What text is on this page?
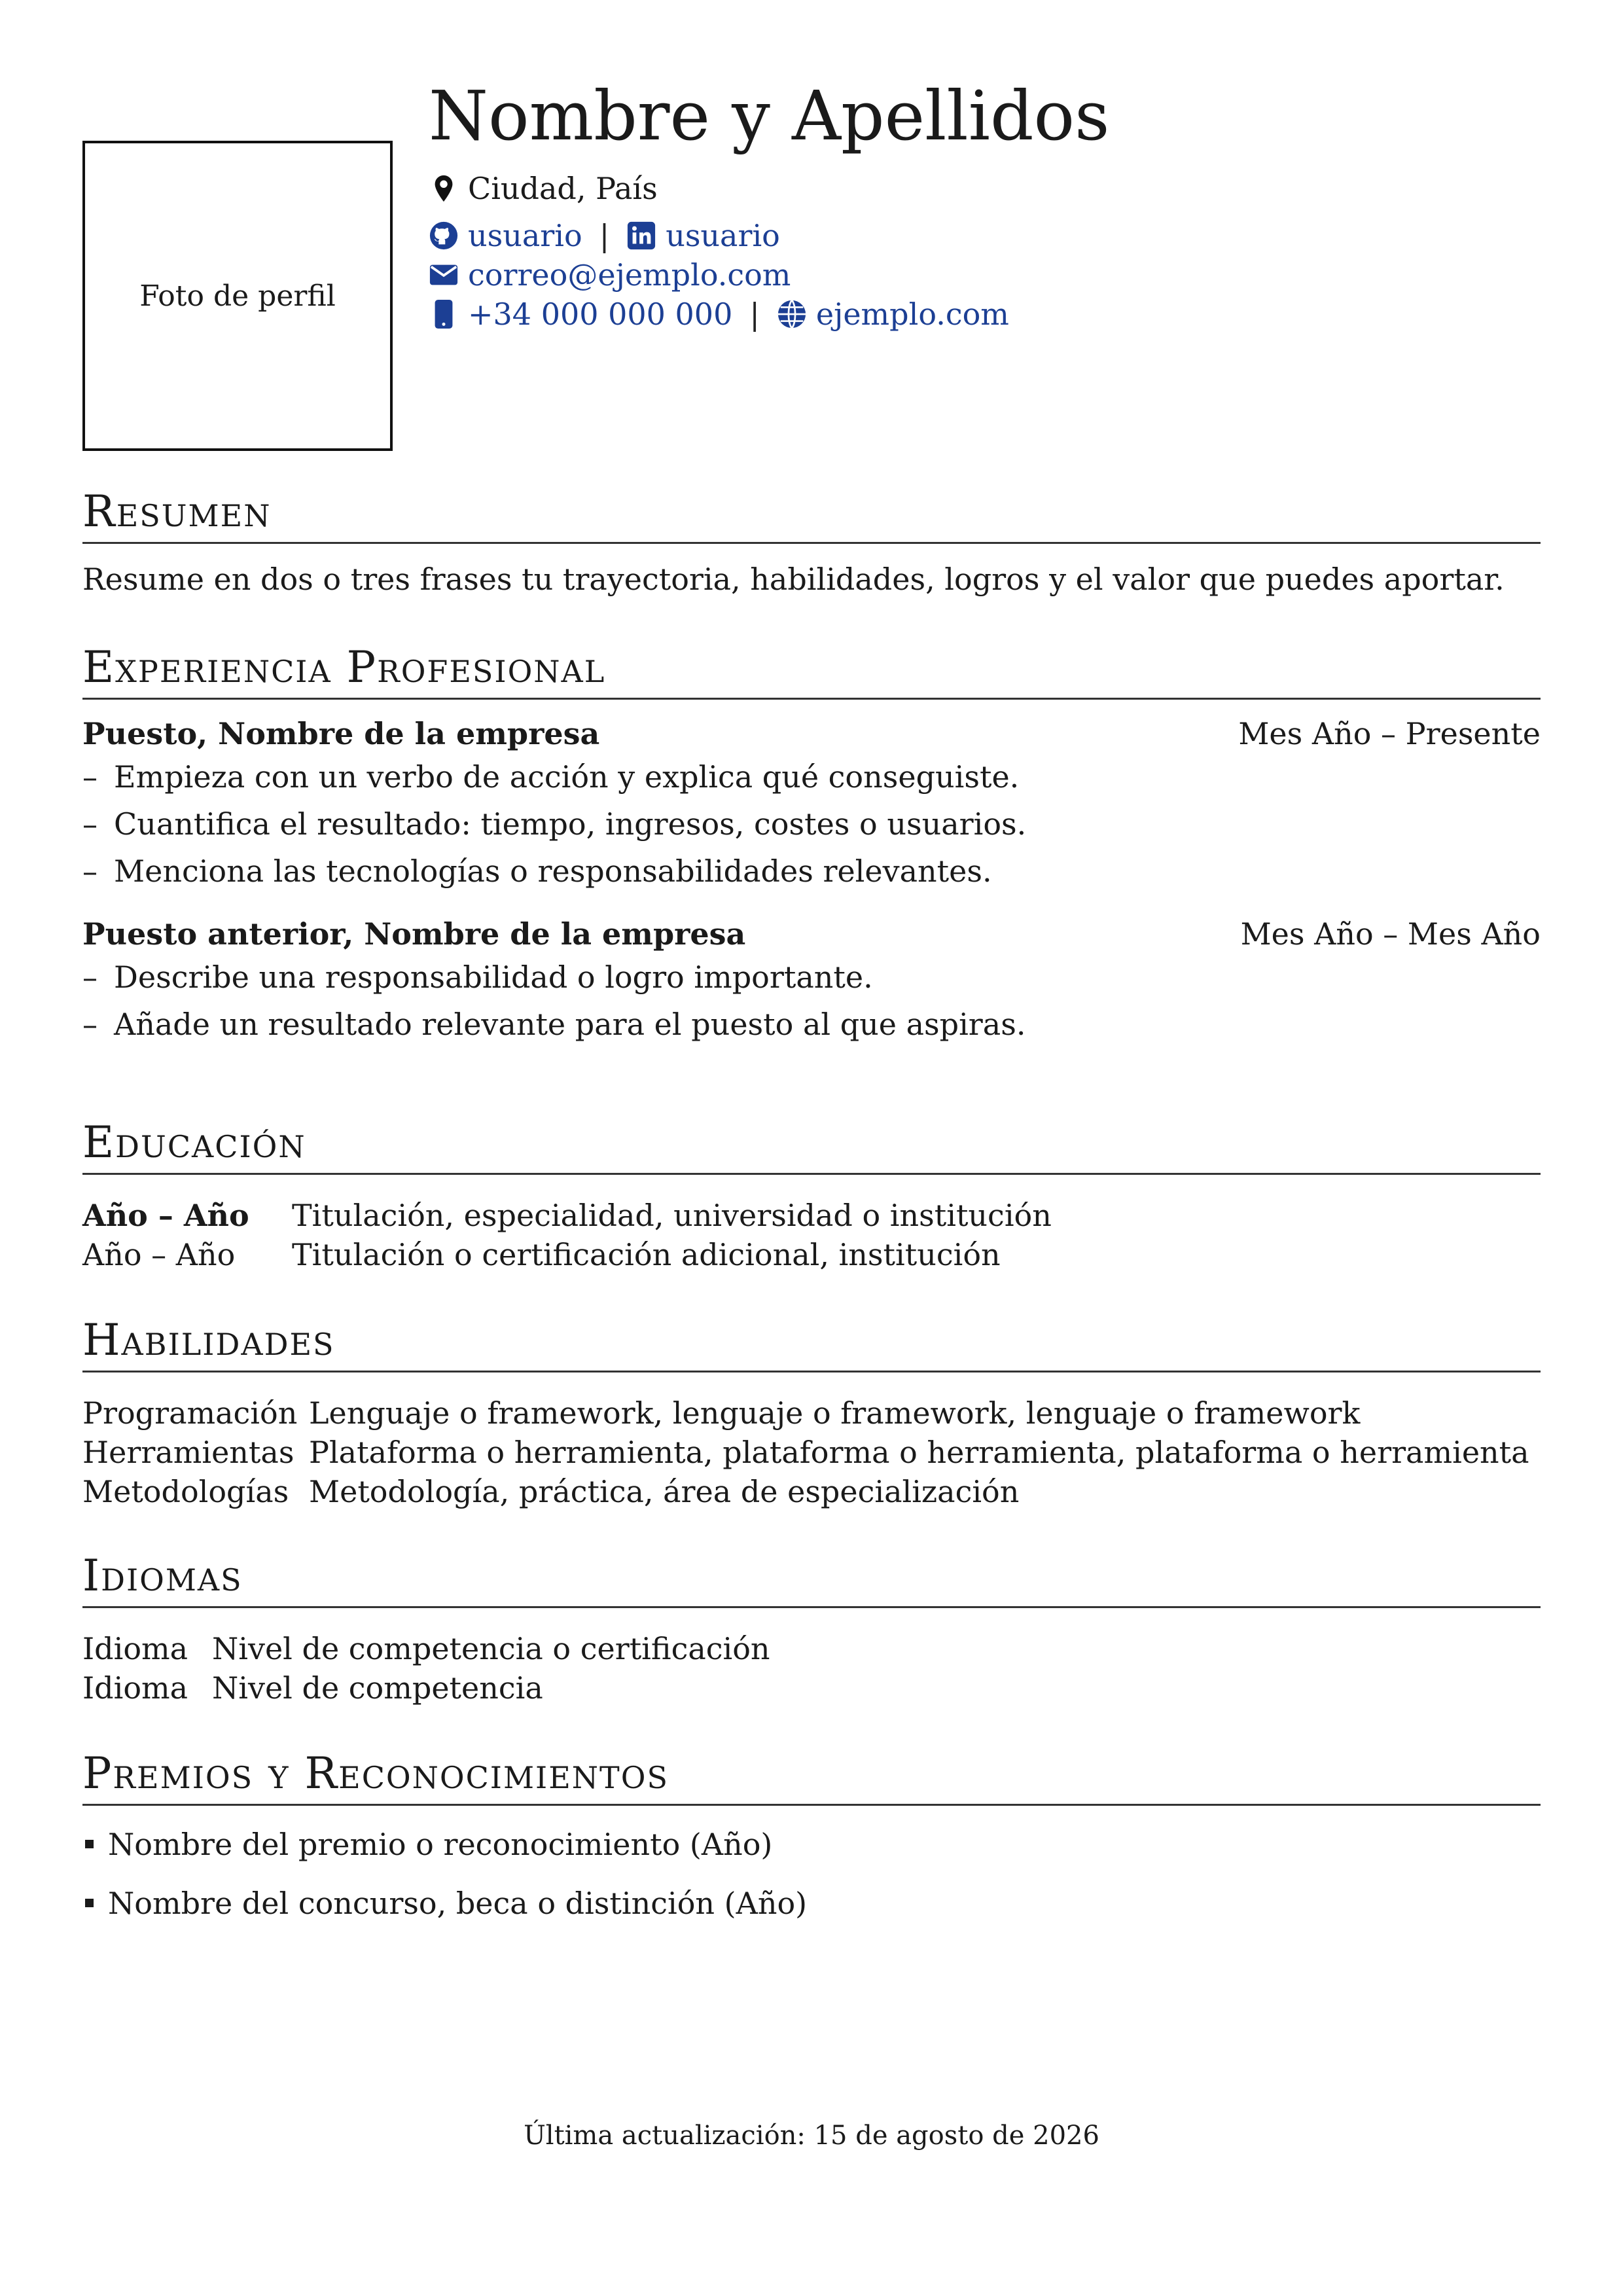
Foto de perfil
Nombre y Apellidos
Ciudad, País
usuario | usuario
correo@ejemplo.com
+34 000 000 000 | ejemplo.com
Resumen
Resume en dos o tres frases tu trayectoria, habilidades, logros y el valor que puedes aportar.
Experiencia Profesional
Puesto, Nombre de la empresa	Mes Año – Presente
– Empieza con un verbo de acción y explica qué conseguiste.
– Cuantifica el resultado: tiempo, ingresos, costes o usuarios.
– Menciona las tecnologías o responsabilidades relevantes.
Puesto anterior, Nombre de la empresa	Mes Año – Mes Año
– Describe una responsabilidad o logro importante.
– Añade un resultado relevante para el puesto al que aspiras.
Educación
Año – Año	Titulación, especialidad, universidad o institución
Año – Año	Titulación o certificación adicional, institución
Habilidades
Programación Lenguaje o framework, lenguaje o framework, lenguaje o framework
Herramientas Plataforma o herramienta, plataforma o herramienta, plataforma o herramienta
Metodologías Metodología, práctica, área de especialización
Idiomas
Idioma Nivel de competencia o certificación
Idioma Nivel de competencia
Premios y Reconocimientos
Nombre del premio o reconocimiento (Año)
Nombre del concurso, beca o distinción (Año)
Última actualización: 15 de agosto de 2026
